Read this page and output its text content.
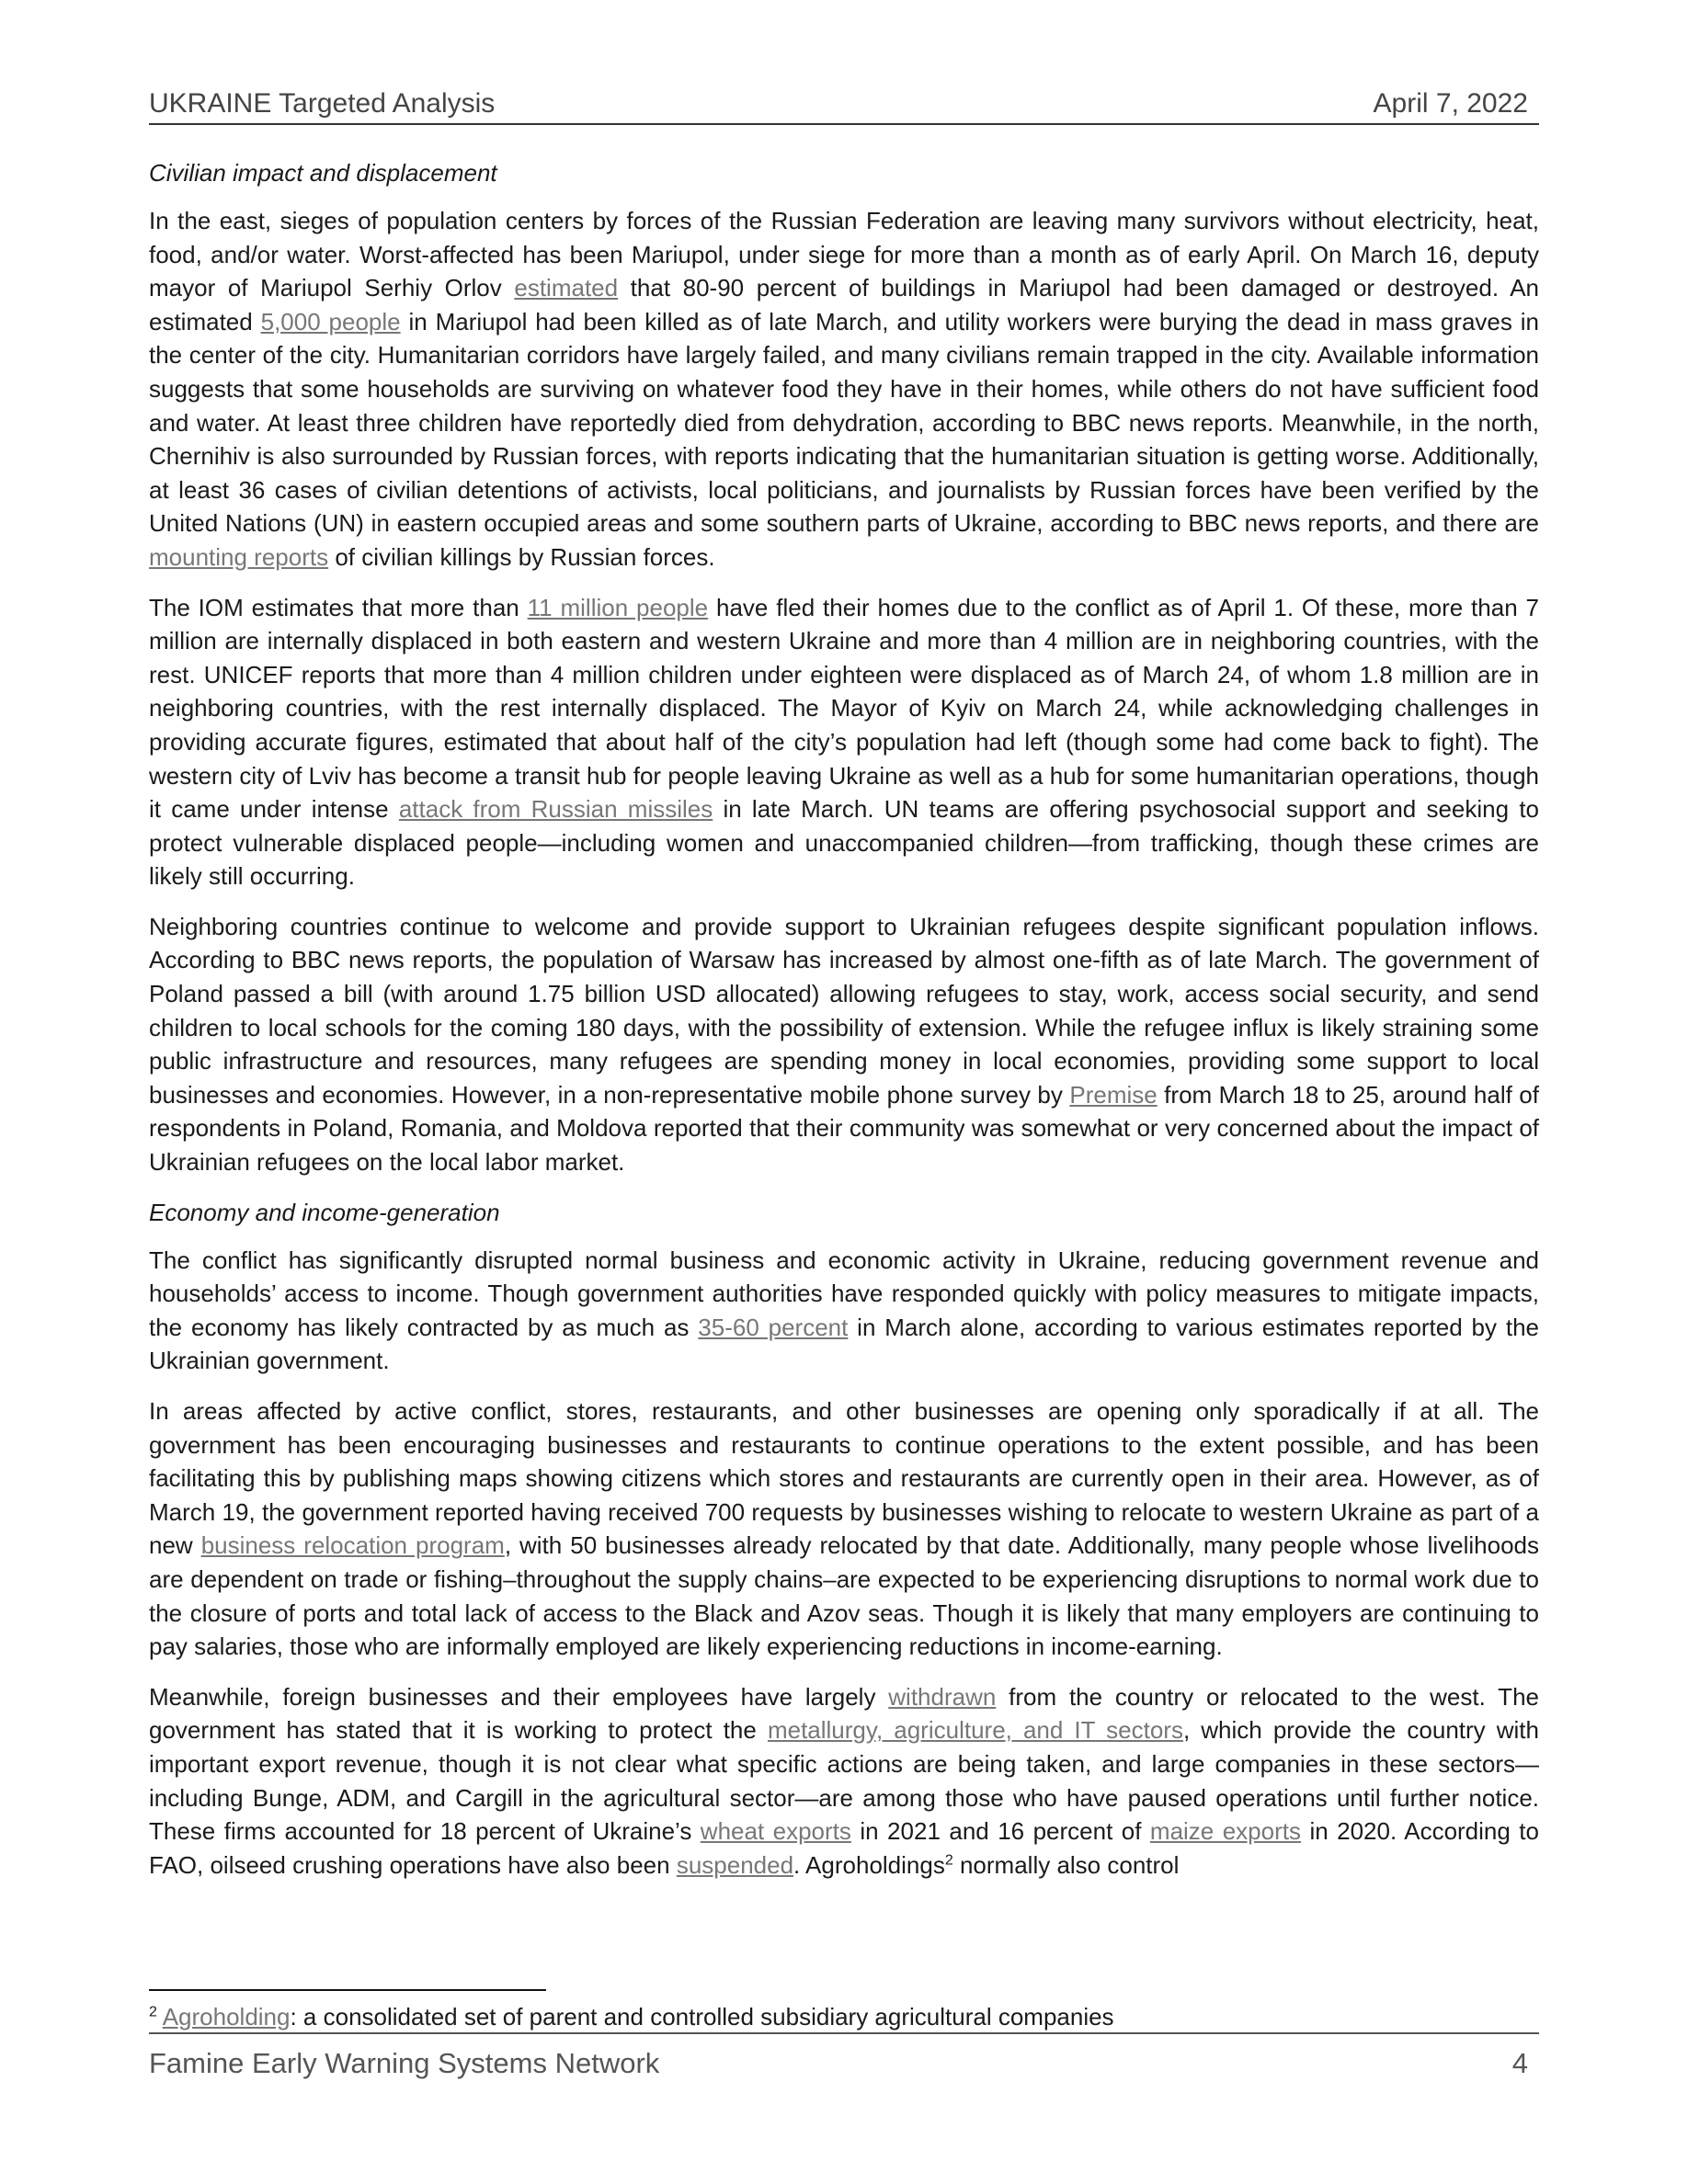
UKRAINE Targeted Analysis	April 7, 2022
Civilian impact and displacement

In the east, sieges of population centers by forces of the Russian Federation are leaving many survivors without electricity, heat, food, and/or water. Worst-affected has been Mariupol, under siege for more than a month as of early April. On March 16, deputy mayor of Mariupol Serhiy Orlov estimated that 80-90 percent of buildings in Mariupol had been damaged or destroyed. An estimated 5,000 people in Mariupol had been killed as of late March, and utility workers were burying the dead in mass graves in the center of the city. Humanitarian corridors have largely failed, and many civilians remain trapped in the city. Available information suggests that some households are surviving on whatever food they have in their homes, while others do not have sufficient food and water. At least three children have reportedly died from dehydration, according to BBC news reports. Meanwhile, in the north, Chernihiv is also surrounded by Russian forces, with reports indicating that the humanitarian situation is getting worse. Additionally, at least 36 cases of civilian detentions of activists, local politicians, and journalists by Russian forces have been verified by the United Nations (UN) in eastern occupied areas and some southern parts of Ukraine, according to BBC news reports, and there are mounting reports of civilian killings by Russian forces.

The IOM estimates that more than 11 million people have fled their homes due to the conflict as of April 1. Of these, more than 7 million are internally displaced in both eastern and western Ukraine and more than 4 million are in neighboring countries, with the rest. UNICEF reports that more than 4 million children under eighteen were displaced as of March 24, of whom 1.8 million are in neighboring countries, with the rest internally displaced. The Mayor of Kyiv on March 24, while acknowledging challenges in providing accurate figures, estimated that about half of the city’s population had left (though some had come back to fight). The western city of Lviv has become a transit hub for people leaving Ukraine as well as a hub for some humanitarian operations, though it came under intense attack from Russian missiles in late March. UN teams are offering psychosocial support and seeking to protect vulnerable displaced people—including women and unaccompanied children—from trafficking, though these crimes are likely still occurring.

Neighboring countries continue to welcome and provide support to Ukrainian refugees despite significant population inflows. According to BBC news reports, the population of Warsaw has increased by almost one-fifth as of late March. The government of Poland passed a bill (with around 1.75 billion USD allocated) allowing refugees to stay, work, access social security, and send children to local schools for the coming 180 days, with the possibility of extension. While the refugee influx is likely straining some public infrastructure and resources, many refugees are spending money in local economies, providing some support to local businesses and economies. However, in a non-representative mobile phone survey by Premise from March 18 to 25, around half of respondents in Poland, Romania, and Moldova reported that their community was somewhat or very concerned about the impact of Ukrainian refugees on the local labor market.

Economy and income-generation

The conflict has significantly disrupted normal business and economic activity in Ukraine, reducing government revenue and households’ access to income. Though government authorities have responded quickly with policy measures to mitigate impacts, the economy has likely contracted by as much as 35-60 percent in March alone, according to various estimates reported by the Ukrainian government.

In areas affected by active conflict, stores, restaurants, and other businesses are opening only sporadically if at all. The government has been encouraging businesses and restaurants to continue operations to the extent possible, and has been facilitating this by publishing maps showing citizens which stores and restaurants are currently open in their area. However, as of March 19, the government reported having received 700 requests by businesses wishing to relocate to western Ukraine as part of a new business relocation program, with 50 businesses already relocated by that date. Additionally, many people whose livelihoods are dependent on trade or fishing–throughout the supply chains–are expected to be experiencing disruptions to normal work due to the closure of ports and total lack of access to the Black and Azov seas. Though it is likely that many employers are continuing to pay salaries, those who are informally employed are likely experiencing reductions in income-earning.

Meanwhile, foreign businesses and their employees have largely withdrawn from the country or relocated to the west. The government has stated that it is working to protect the metallurgy, agriculture, and IT sectors, which provide the country with important export revenue, though it is not clear what specific actions are being taken, and large companies in these sectors—including Bunge, ADM, and Cargill in the agricultural sector—are among those who have paused operations until further notice. These firms accounted for 18 percent of Ukraine’s wheat exports in 2021 and 16 percent of maize exports in 2020. According to FAO, oilseed crushing operations have also been suspended. Agroholdings$^2$ normally also control

$^2$ Agroholding: a consolidated set of parent and controlled subsidiary agricultural companies
Famine Early Warning Systems Network	4
